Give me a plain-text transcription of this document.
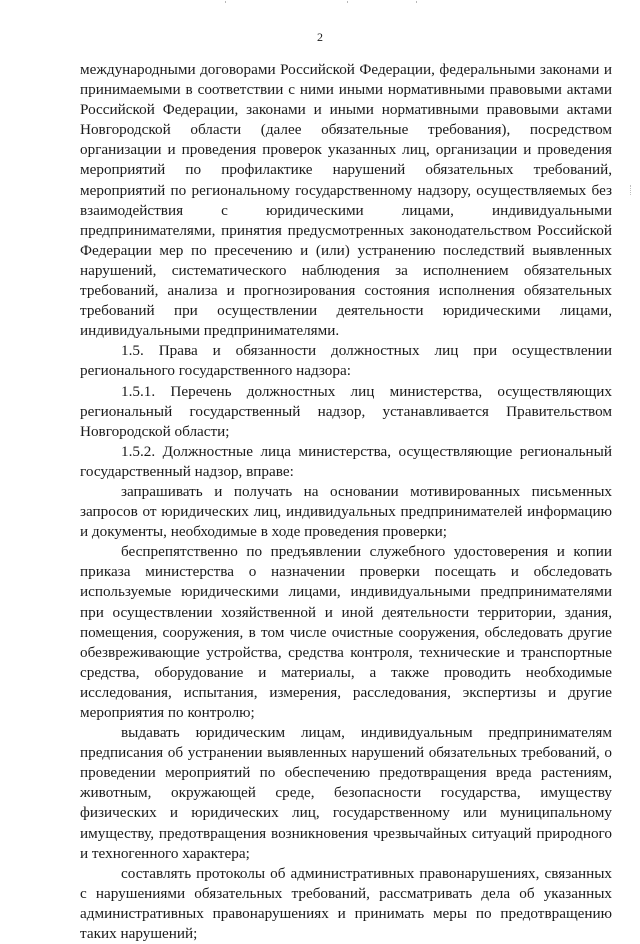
2

международными договорами Российской Федерации, федеральными законами и принимаемыми в соответствии с ними иными нормативными правовыми актами Российской Федерации, законами и иными нормативными правовыми актами Новгородской области (далее обязательные требования), посредством организации и проведения проверок указанных лиц, организации и проведения мероприятий по профилактике нарушений обязательных требований, мероприятий по региональному государственному надзору, осуществляемых без взаимодействия с юридическими лицами, индивидуальными предпринимателями, принятия предусмотренных законодательством Российской Федерации мер по пресечению и (или) устранению последствий выявленных нарушений, систематического наблюдения за исполнением обязательных требований, анализа и прогнозирования состояния исполнения обязательных требований при осуществлении деятельности юридическими лицами, индивидуальными предпринимателями.

1.5. Права и обязанности должностных лиц при осуществлении регионального государственного надзора:

1.5.1. Перечень должностных лиц министерства, осуществляющих региональный государственный надзор, устанавливается Правительством Новгородской области;

1.5.2. Должностные лица министерства, осуществляющие региональный государственный надзор, вправе:

запрашивать и получать на основании мотивированных письменных запросов от юридических лиц, индивидуальных предпринимателей информацию и документы, необходимые в ходе проведения проверки;

беспрепятственно по предъявлении служебного удостоверения и копии приказа министерства о назначении проверки посещать и обследовать используемые юридическими лицами, индивидуальными предпринимателями при осуществлении хозяйственной и иной деятельности территории, здания, помещения, сооружения, в том числе очистные сооружения, обследовать другие обезвреживающие устройства, средства контроля, технические и транспортные средства, оборудование и материалы, а также проводить необходимые исследования, испытания, измерения, расследования, экспертизы и другие мероприятия по контролю;

выдавать юридическим лицам, индивидуальным предпринимателям предписания об устранении выявленных нарушений обязательных требований, о проведении мероприятий по обеспечению предотвращения вреда растениям, животным, окружающей среде, безопасности государства, имуществу физических и юридических лиц, государственному или муниципальному имуществу, предотвращения возникновения чрезвычайных ситуаций природного и техногенного характера;

составлять протоколы об административных правонарушениях, связанных с нарушениями обязательных требований, рассматривать дела об указанных административных правонарушениях и принимать меры по предотвращению таких нарушений;
